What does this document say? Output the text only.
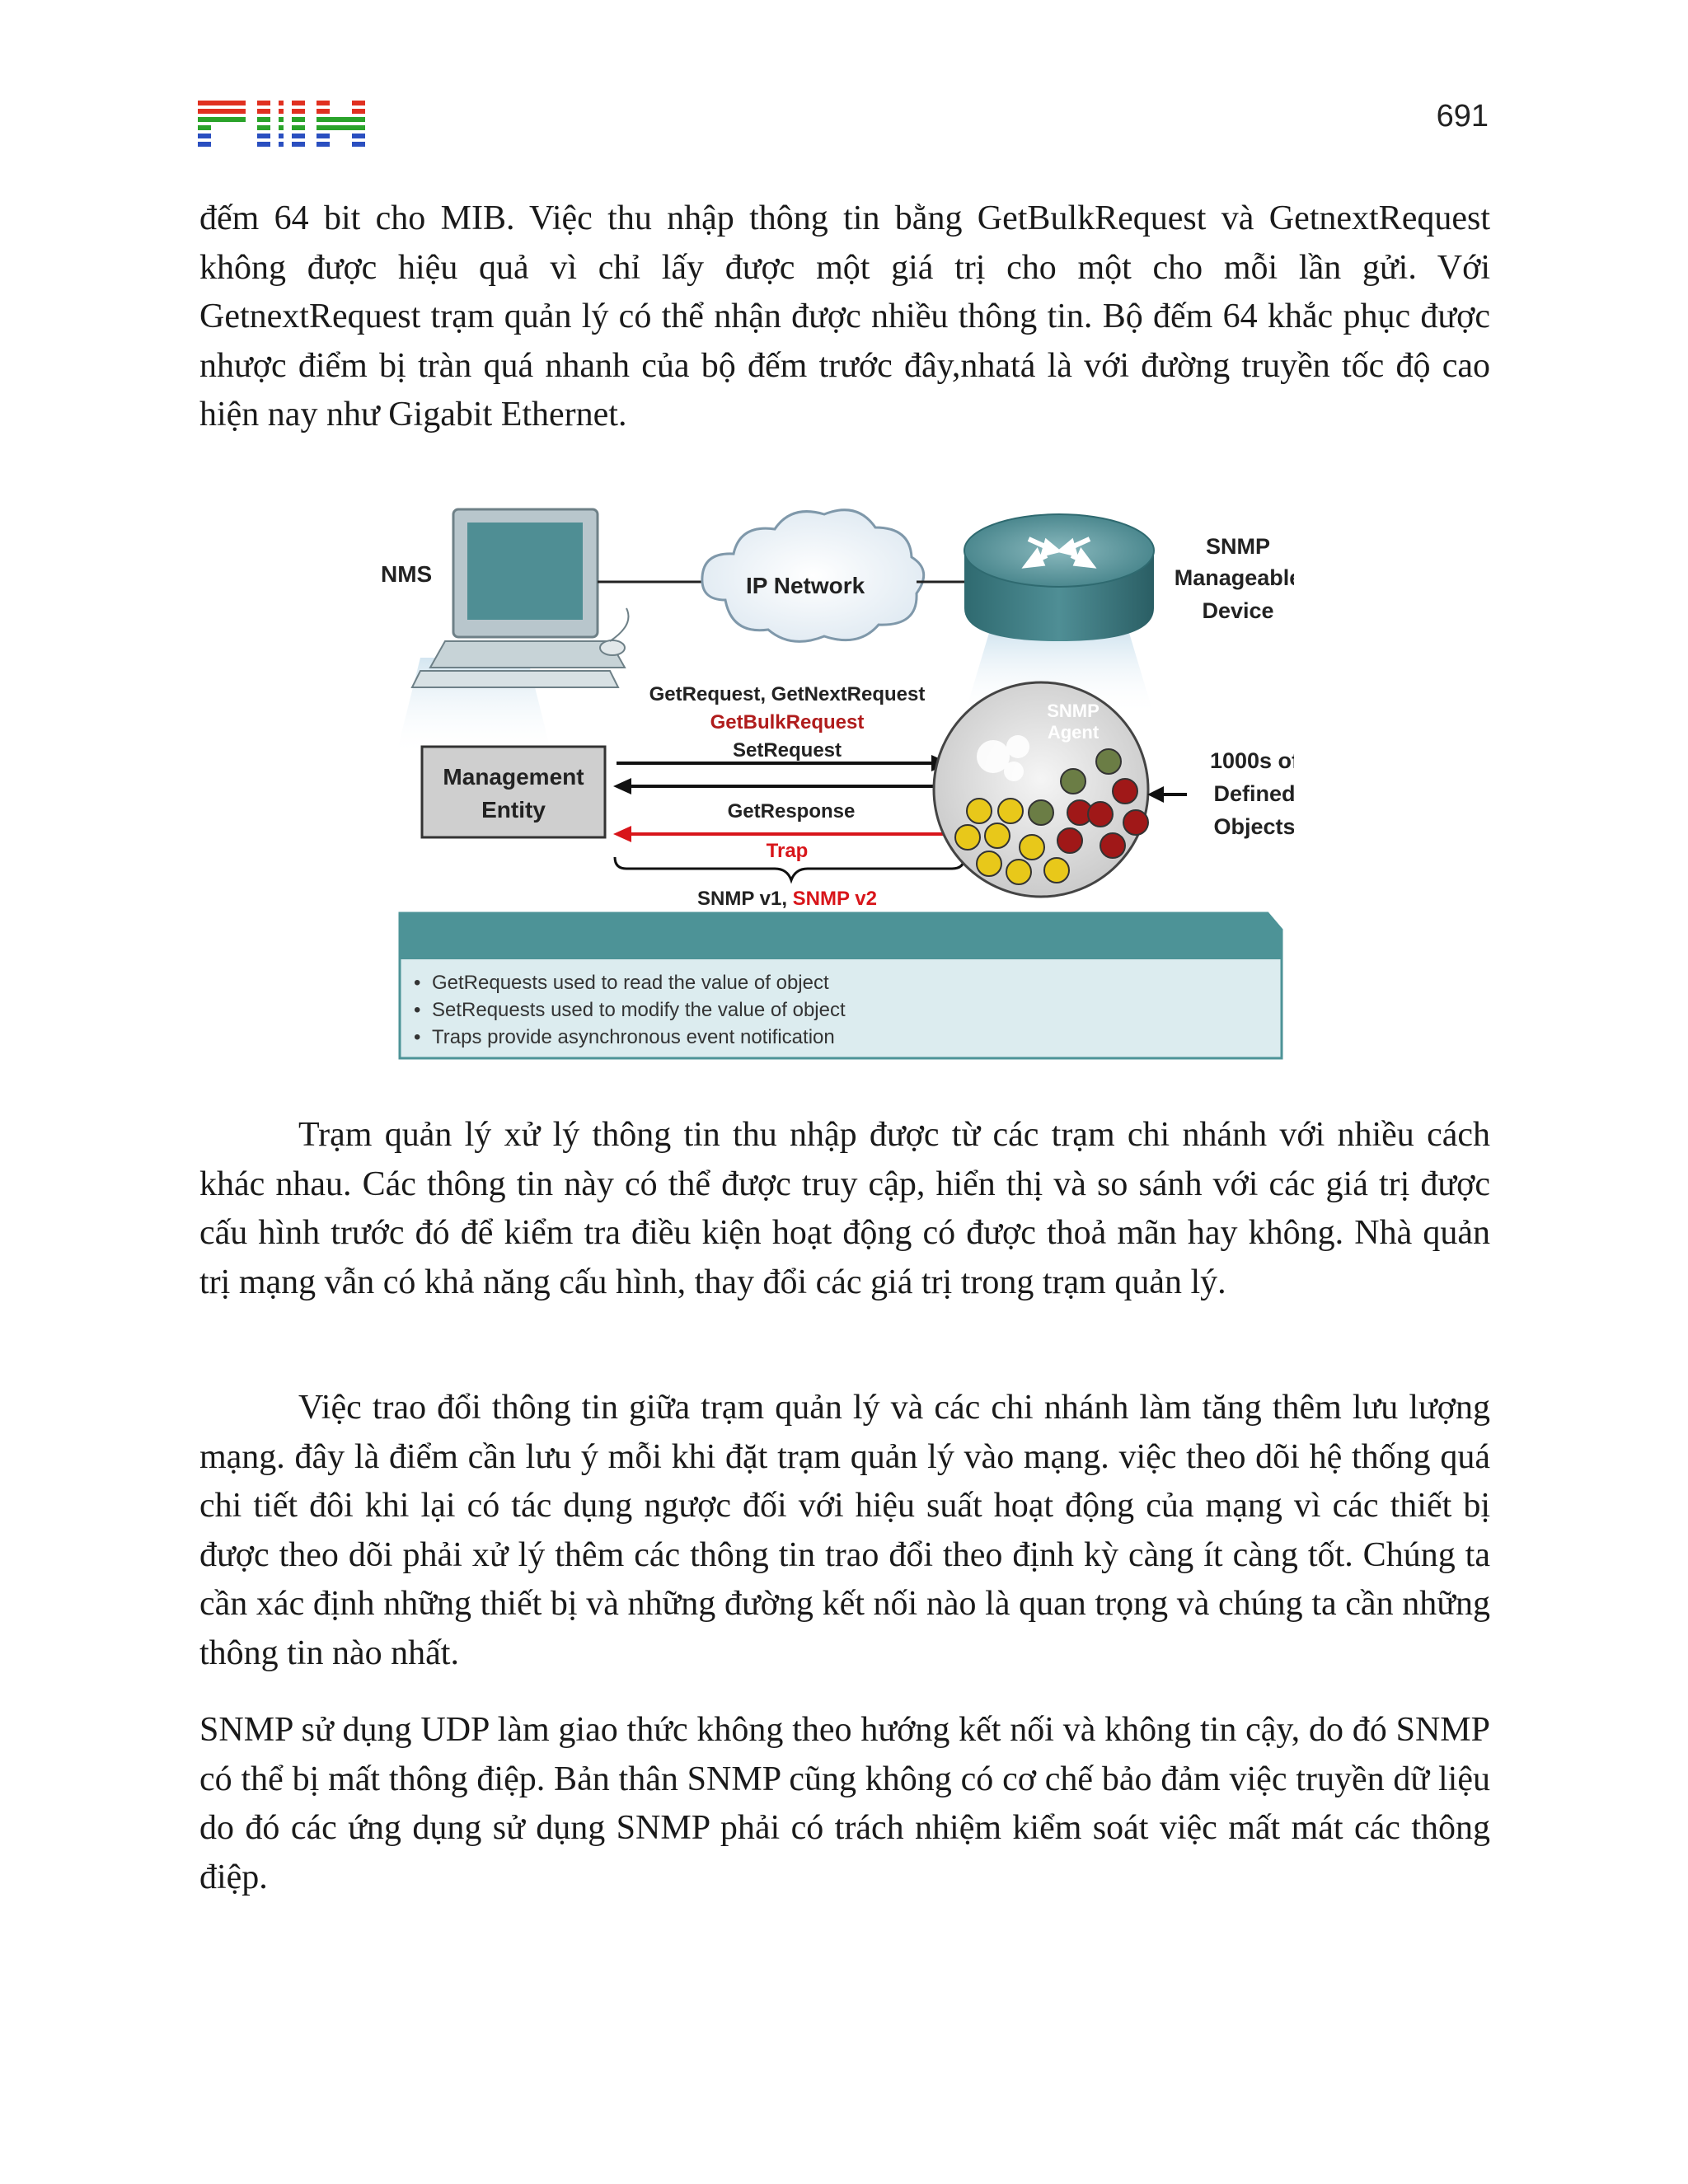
691

đếm 64 bit cho MIB. Việc thu nhập thông tin bằng GetBulkRequest và GetnextRequest không được hiệu quả vì chỉ lấy được một giá trị cho một cho mỗi lần gửi. Với GetnextRequest trạm quản lý có thể nhận được nhiều thông tin. Bộ đếm 64 khắc phục được nhược điểm bị tràn quá nhanh của bộ đếm trước đây,nhatá là với đường truyền tốc độ cao hiện nay như Gigabit Ethernet.

NMS	IP Network
SNMP
Manageable
Device
GetRequest, GetNextRequest
GetBulkRequest
SetRequest
GetResponse
Trap
SNMP v1, SNMP v2
Management
Entity
SNMP
Agent
1000s of
Defined
Objects
• GetRequests used to read the value of object
• SetRequests used to modify the value of object
• Traps provide asynchronous event notification

Trạm quản lý xử lý thông tin thu nhập được từ các trạm chi nhánh với nhiều cách khác nhau. Các thông tin này có thể được truy cập, hiển thị và so sánh với các giá trị được cấu hình trước đó để kiểm tra điều kiện hoạt động có được thoả mãn hay không. Nhà quản trị mạng vẫn có khả năng cấu hình, thay đổi các giá trị trong trạm quản lý.

Việc trao đổi thông tin giữa trạm quản lý và các chi nhánh làm tăng thêm lưu lượng mạng. đây là điểm cần lưu ý mỗi khi đặt trạm quản lý vào mạng. việc theo dõi hệ thống quá chi tiết đôi khi lại có tác dụng ngược đối với hiệu suất hoạt động của mạng vì các thiết bị được theo dõi phải xử lý thêm các thông tin trao đổi theo định kỳ càng ít càng tốt. Chúng ta cần xác định những thiết bị và những đường kết nối nào là quan trọng và chúng ta cần những thông tin nào nhất.

SNMP sử dụng UDP làm giao thức không theo hướng kết nối và không tin cậy, do đó SNMP có thể bị mất thông điệp. Bản thân SNMP cũng không có cơ chế bảo đảm việc truyền dữ liệu do đó các ứng dụng sử dụng SNMP phải có trách nhiệm kiểm soát việc mất mát các thông điệp.
